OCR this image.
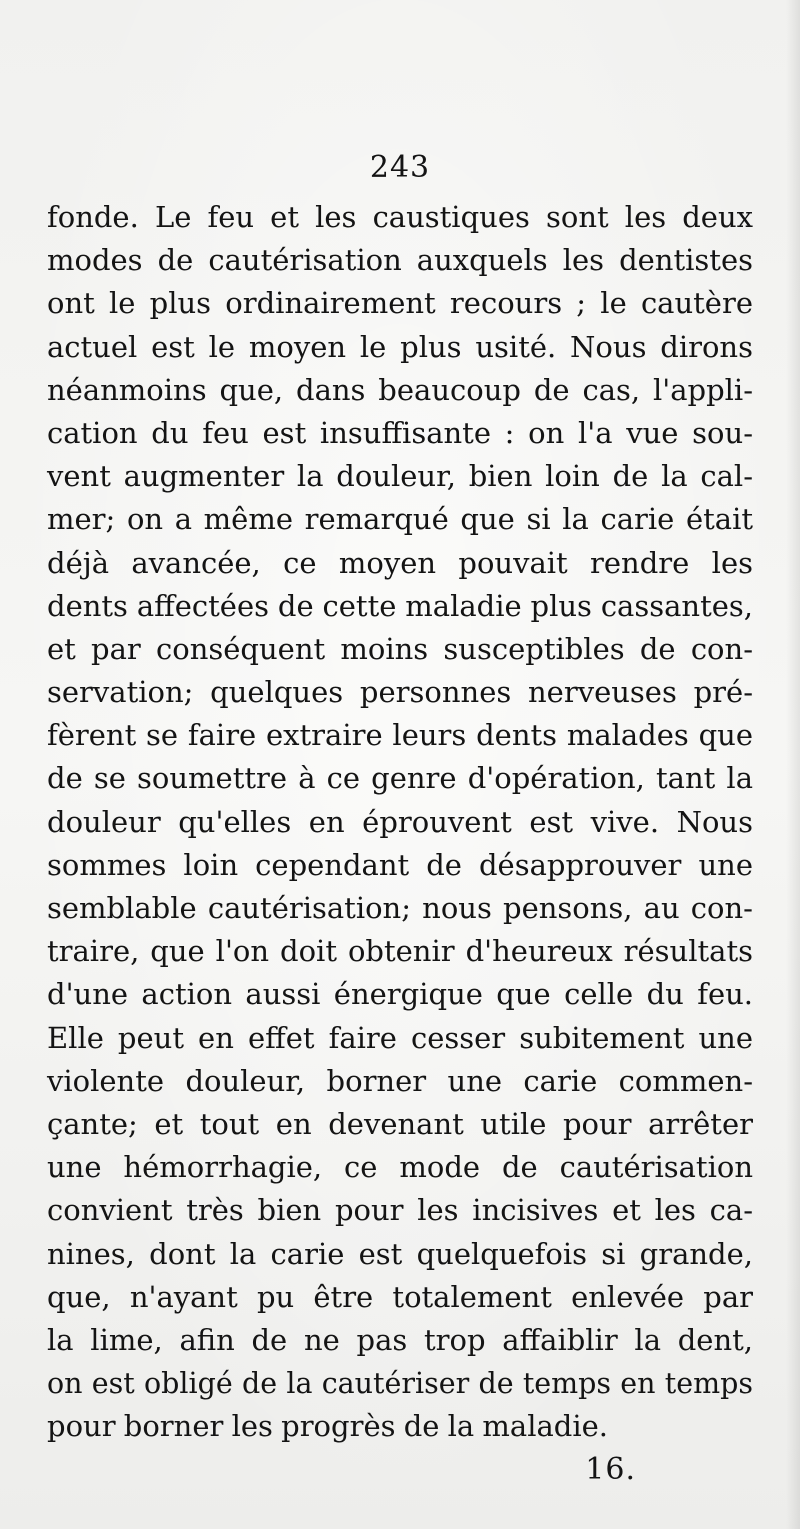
243
fonde. Le feu et les caustiques sont les deux
modes de cautérisation auxquels les dentistes
ont le plus ordinairement recours ; le cautère
actuel est le moyen le plus usité. Nous dirons
néanmoins que, dans beaucoup de cas, l'appli-
cation du feu est insuffisante : on l'a vue sou-
vent augmenter la douleur, bien loin de la cal-
mer; on a même remarqué que si la carie était
déjà avancée, ce moyen pouvait rendre les
dents affectées de cette maladie plus cassantes,
et par conséquent moins susceptibles de con-
servation; quelques personnes nerveuses pré-
fèrent se faire extraire leurs dents malades que
de se soumettre à ce genre d'opération, tant la
douleur qu'elles en éprouvent est vive. Nous
sommes loin cependant de désapprouver une
semblable cautérisation; nous pensons, au con-
traire, que l'on doit obtenir d'heureux résultats
d'une action aussi énergique que celle du feu.
Elle peut en effet faire cesser subitement une
violente douleur, borner une carie commen-
çante; et tout en devenant utile pour arrêter
une hémorrhagie, ce mode de cautérisation
convient très bien pour les incisives et les ca-
nines, dont la carie est quelquefois si grande,
que, n'ayant pu être totalement enlevée par
la lime, afin de ne pas trop affaiblir la dent,
on est obligé de la cautériser de temps en temps
pour borner les progrès de la maladie.
16.
